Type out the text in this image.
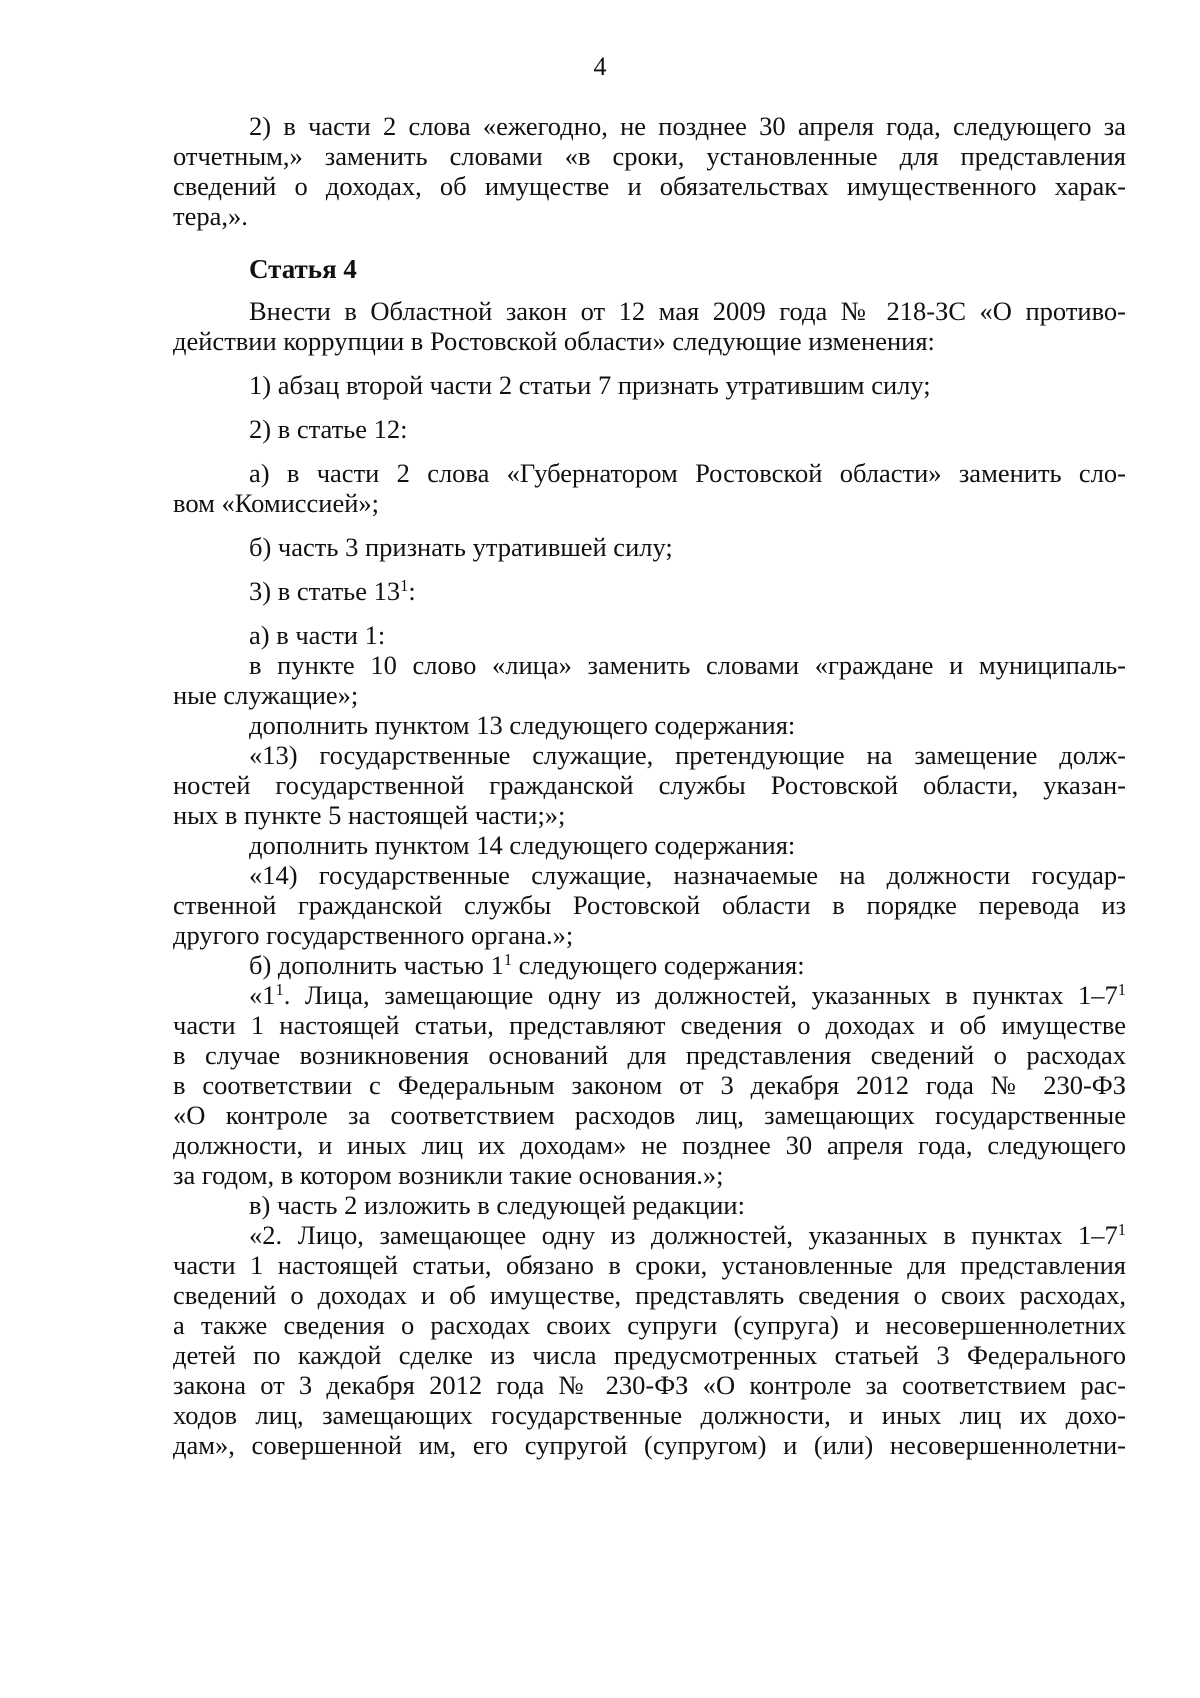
4
2) в части 2 слова «ежегодно, не позднее 30 апреля года, следующего за
отчетным,» заменить словами «в сроки, установленные для представления
сведений о доходах, об имуществе и обязательствах имущественного харак-
тера,».
Статья 4
Внести в Областной закон от 12 мая 2009 года № 218-ЗС «О противо-
действии коррупции в Ростовской области» следующие изменения:
1) абзац второй части 2 статьи 7 признать утратившим силу;
2) в статье 12:
а) в части 2 слова «Губернатором Ростовской области» заменить сло-
вом «Комиссией»;
б) часть 3 признать утратившей силу;
3) в статье $13^1$:
а) в части 1:
в пункте 10 слово «лица» заменить словами «граждане и муниципаль-
ные служащие»;
дополнить пунктом 13 следующего содержания:
«13) государственные служащие, претендующие на замещение долж-
ностей государственной гражданской службы Ростовской области, указан-
ных в пункте 5 настоящей части;»;
дополнить пунктом 14 следующего содержания:
«14) государственные служащие, назначаемые на должности государ-
ственной гражданской службы Ростовской области в порядке перевода из
другого государственного органа.»;
б) дополнить частью $1^1$ следующего содержания:
«$1^1$. Лица, замещающие одну из должностей, указанных в пунктах $1-7^1$
части 1 настоящей статьи, представляют сведения о доходах и об имуществе
в случае возникновения оснований для представления сведений о расходах
в соответствии с Федеральным законом от 3 декабря 2012 года № 230-ФЗ
«О контроле за соответствием расходов лиц, замещающих государственные
должности, и иных лиц их доходам» не позднее 30 апреля года, следующего
за годом, в котором возникли такие основания.»;
в) часть 2 изложить в следующей редакции:
«2. Лицо, замещающее одну из должностей, указанных в пунктах $1-7^1$
части 1 настоящей статьи, обязано в сроки, установленные для представления
сведений о доходах и об имуществе, представлять сведения о своих расходах,
а также сведения о расходах своих супруги (супруга) и несовершеннолетних
детей по каждой сделке из числа предусмотренных статьей 3 Федерального
закона от 3 декабря 2012 года № 230-ФЗ «О контроле за соответствием рас-
ходов лиц, замещающих государственные должности, и иных лиц их дохо-
дам», совершенной им, его супругой (супругом) и (или) несовершеннолетни-
